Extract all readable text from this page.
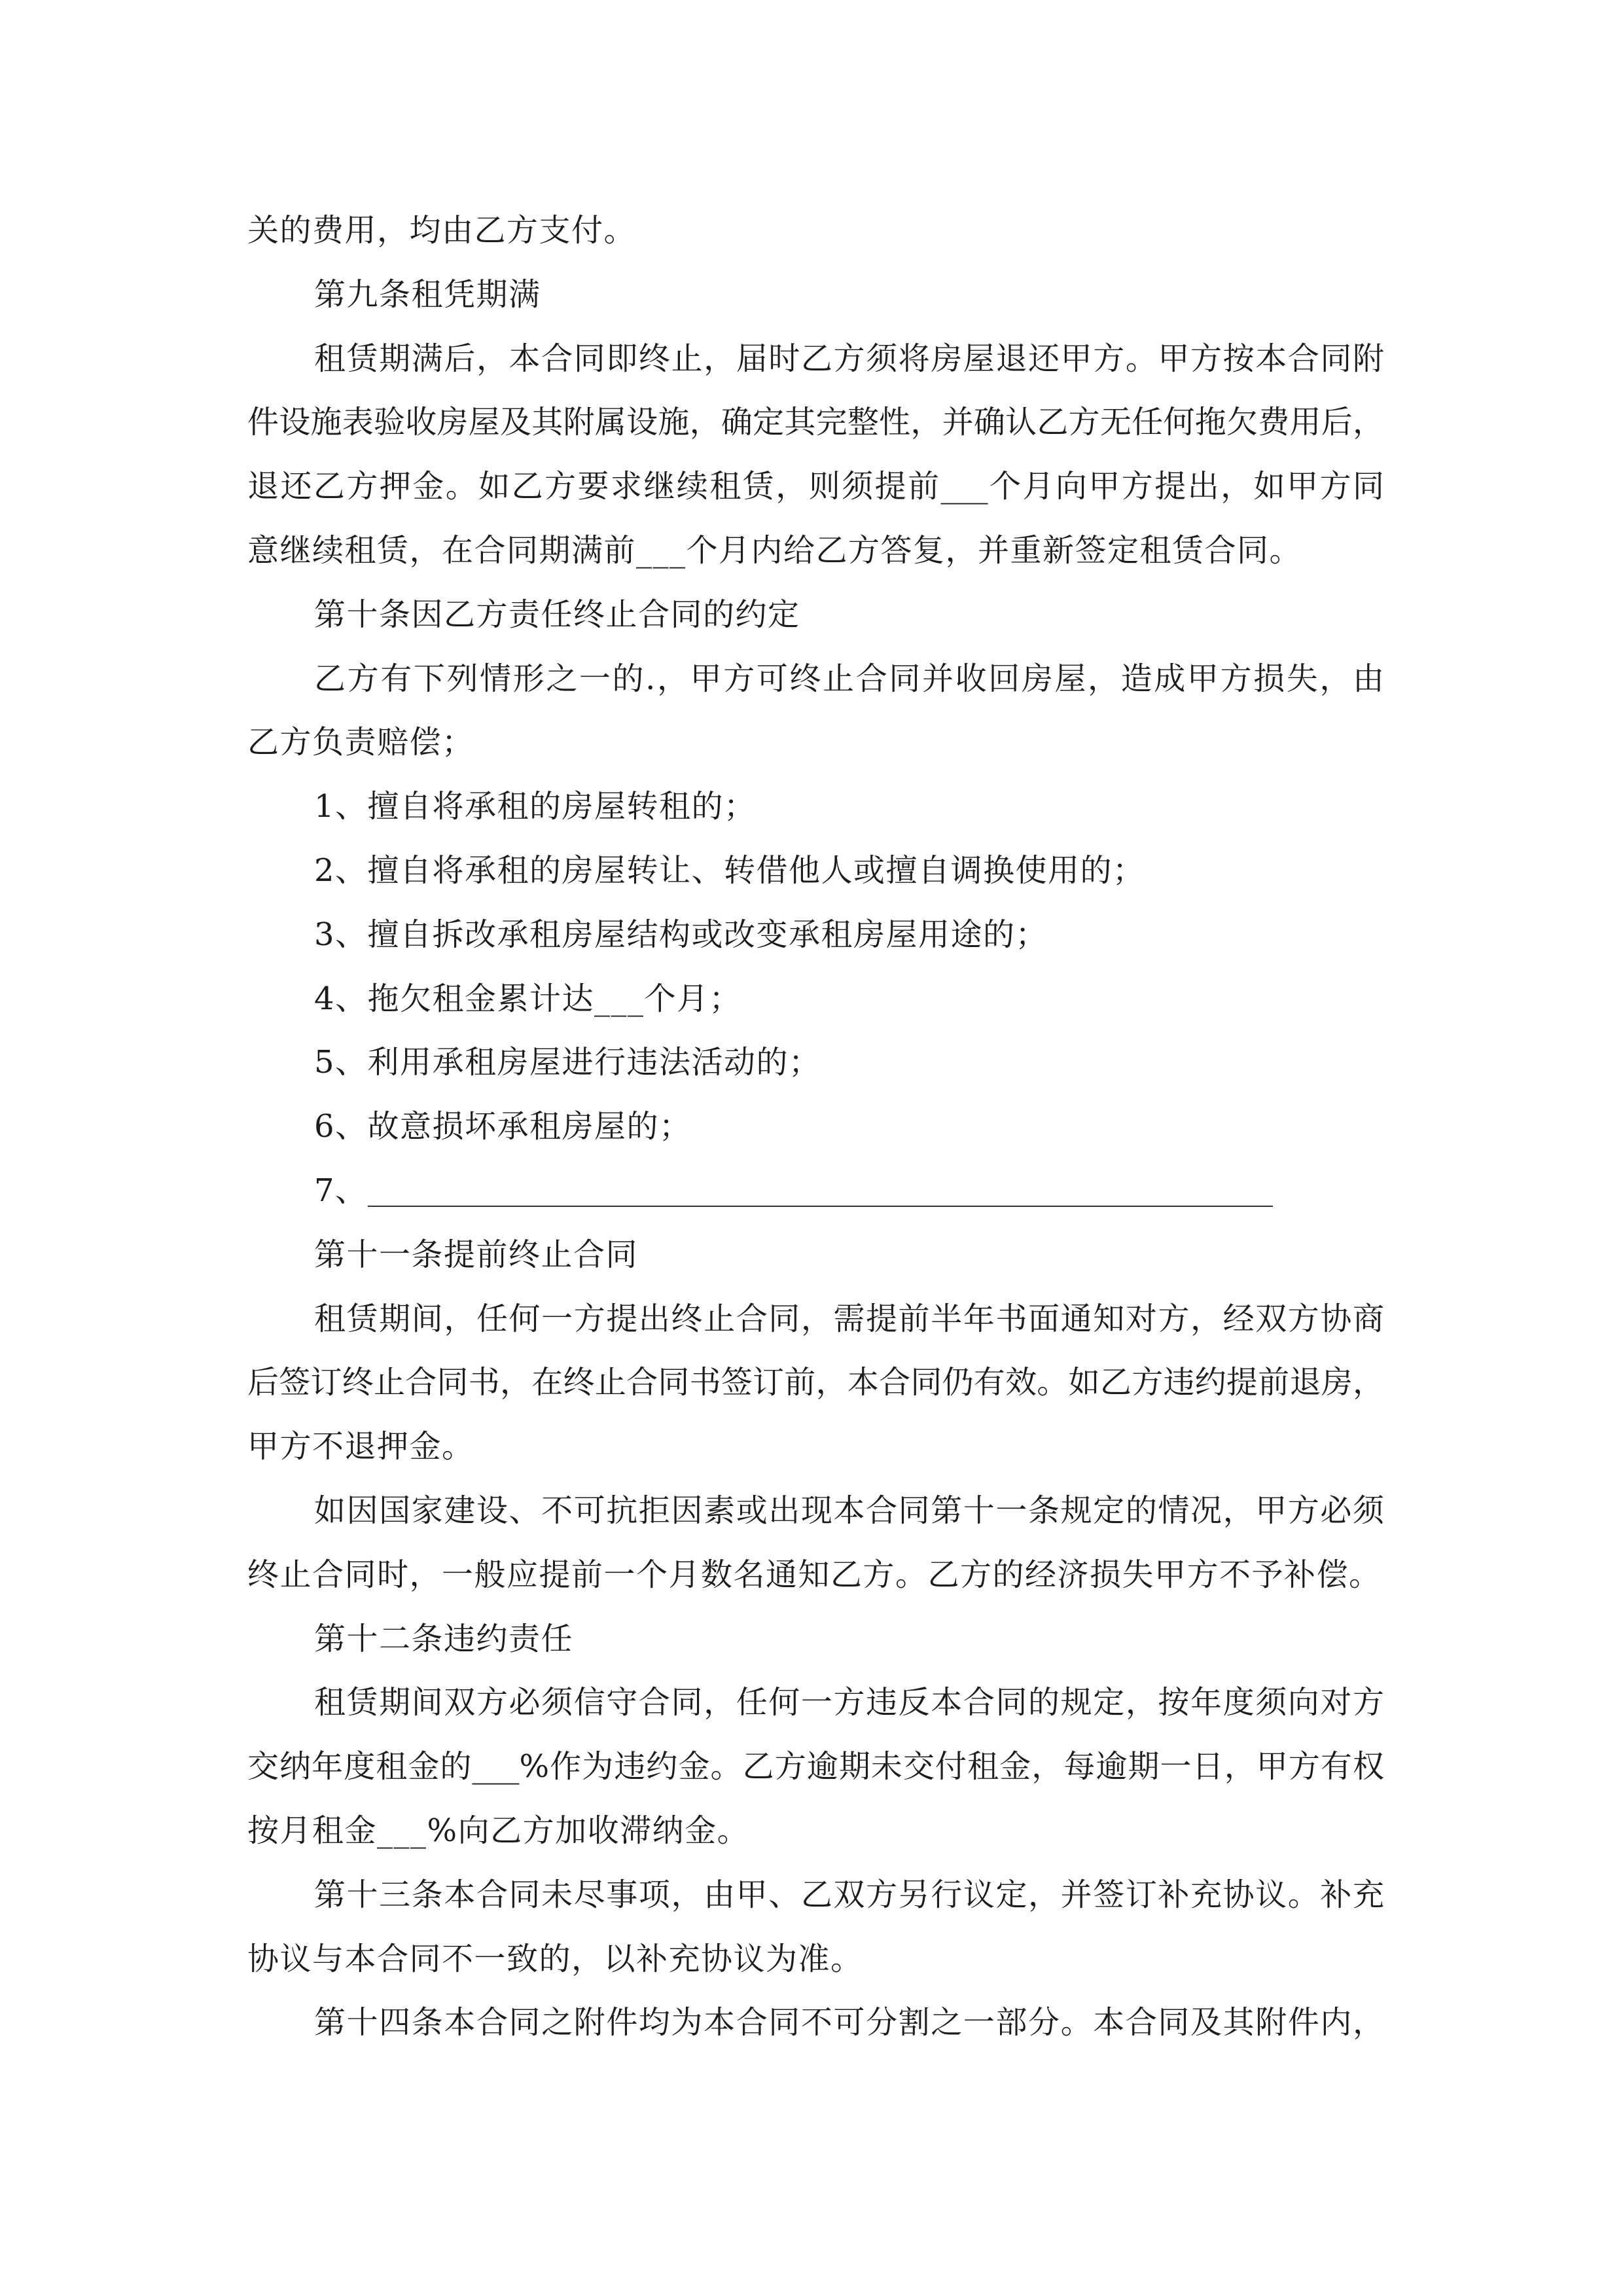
关的费用，均由乙方支付。
第九条租凭期满
租赁期满后，本合同即终止，届时乙方须将房屋退还甲方。甲方按本合同附
件设施表验收房屋及其附属设施，确定其完整性，并确认乙方无任何拖欠费用后，
退还乙方押金。如乙方要求继续租赁，则须提前___个月向甲方提出，如甲方同
意继续租赁，在合同期满前___个月内给乙方答复，并重新签定租赁合同。
第十条因乙方责任终止合同的约定
乙方有下列情形之一的.，甲方可终止合同并收回房屋，造成甲方损失，由
乙方负责赔偿；
1、擅自将承租的房屋转租的；
2、擅自将承租的房屋转让、转借他人或擅自调换使用的；
3、擅自拆改承租房屋结构或改变承租房屋用途的；
4、拖欠租金累计达___个月；
5、利用承租房屋进行违法活动的；
6、故意损坏承租房屋的；
7、
第十一条提前终止合同
租赁期间，任何一方提出终止合同，需提前半年书面通知对方，经双方协商
后签订终止合同书，在终止合同书签订前，本合同仍有效。如乙方违约提前退房，
甲方不退押金。
如因国家建设、不可抗拒因素或出现本合同第十一条规定的情况，甲方必须
终止合同时，一般应提前一个月数名通知乙方。乙方的经济损失甲方不予补偿。
第十二条违约责任
租赁期间双方必须信守合同，任何一方违反本合同的规定，按年度须向对方
交纳年度租金的___%作为违约金。乙方逾期未交付租金，每逾期一日，甲方有权
按月租金___%向乙方加收滞纳金。
第十三条本合同未尽事项，由甲、乙双方另行议定，并签订补充协议。补充
协议与本合同不一致的，以补充协议为准。
第十四条本合同之附件均为本合同不可分割之一部分。本合同及其附件内，
